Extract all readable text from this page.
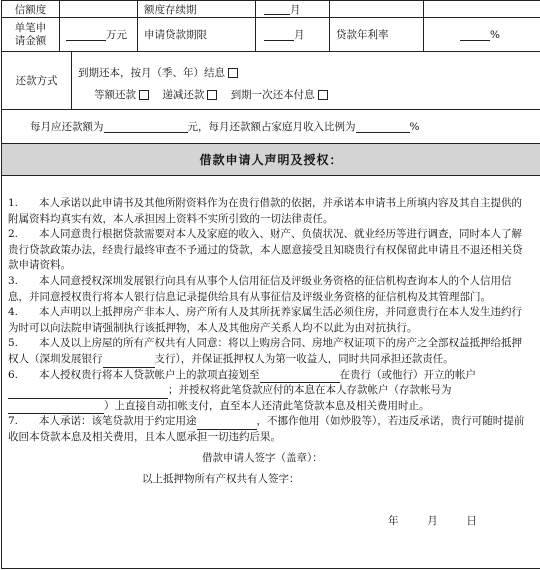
信额度	额度存续期	月
单笔申请金额	万元 申请贷款期限	月	贷款年利率	%
还款方式
到期还本，按月（季、年）结息
等额还款	递减还款	到期一次还本付息
每月应还款额为	元，每月还款额占家庭月收入比例为	%
借款申请人声明及授权：

1.　　本人承诺以此申请书及其他所附资料作为在贵行借款的依据，并承诺本申请书上所填内容及其自主提供的附属资料均真实有效，本人承担因上资料不实所引致的一切法律责任。

2.　　本人同意贵行根据贷款需要对本人及家庭的收入、财产、负债状况、就业经历等进行调查，同时本人了解贵行贷款政策办法，经贵行最终审查不予通过的贷款，本人愿意接受且知晓贵行有权保留此申请且不退还相关贷款申请资料。

3.　　本人同意授权深圳发展银行向具有从事个人信用征信及评级业务资格的征信机构查询本人的个人信用信息，并同意授权贵行将本人银行信息记录提供给具有从事征信及评级业务资格的征信机构及其管理部门。

4.　　本人声明以上抵押房产非本人、房产所有人及其所抚养家属生活必须住房，并同意贵行在本人发生违约行为时可以向法院申请强制执行该抵押物，本人及其他房产关系人均不以此为由对抗执行。

5.　　本人及以上房屋的所有产权共有人同意：将以上购房合同、房地产权证项下的房产之全部权益抵押给抵押权人（深圳发展银行	支行），并保证抵押权人为第一收益人，同时共同承担还款责任。

6.　　本人授权贵行将本人贷款帐户上的款项直接划至	在贵行（或他行）开立的帐户；并授权将此笔贷款应付的本息在本人存款帐户（存款帐号为）上直接自动扣帐支付，直至本人还清此笔贷款本息及相关费用时止。

7.　　本人承诺：该笔贷款用于约定用途	，不挪作他用（如炒股等），若违反承诺，贵行可随时提前收回本贷款本息及相关费用，且本人愿承担一切违约后果。

借款申请人签字（盖章）：
以上抵押物所有产权共有人签字：
年	月	日
